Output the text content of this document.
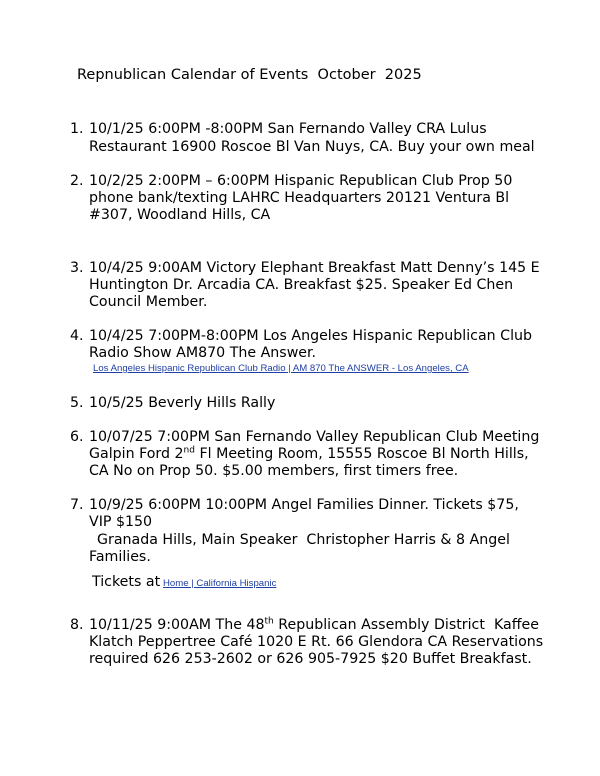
Repnublican Calendar of Events  October  2025
1. 10/1/25 6:00PM -8:00PM San Fernando Valley CRA Lulus
Restaurant 16900 Roscoe Bl Van Nuys, CA. Buy your own meal
2. 10/2/25 2:00PM – 6:00PM Hispanic Republican Club Prop 50
phone bank/texting LAHRC Headquarters 20121 Ventura Bl
#307, Woodland Hills, CA
3. 10/4/25 9:00AM Victory Elephant Breakfast Matt Denny’s 145 E
Huntington Dr. Arcadia CA. Breakfast $25. Speaker Ed Chen
Council Member.
4. 10/4/25 7:00PM-8:00PM Los Angeles Hispanic Republican Club
Radio Show AM870 The Answer.
Los Angeles Hispanic Republican Club Radio | AM 870 The ANSWER - Los Angeles, CA
5. 10/5/25 Beverly Hills Rally
6. 10/07/25 7:00PM San Fernando Valley Republican Club Meeting
Galpin Ford 2nd Fl Meeting Room, 15555 Roscoe Bl North Hills,
CA No on Prop 50. $5.00 members, first timers free.
7. 10/9/25 6:00PM 10:00PM Angel Families Dinner. Tickets $75,
VIP $150
Granada Hills, Main Speaker  Christopher Harris & 8 Angel
Families.
Tickets at Home | California Hispanic
8. 10/11/25 9:00AM The 48th Republican Assembly District  Kaffee
Klatch Peppertree Café 1020 E Rt. 66 Glendora CA Reservations
required 626 253-2602 or 626 905-7925 $20 Buffet Breakfast.
